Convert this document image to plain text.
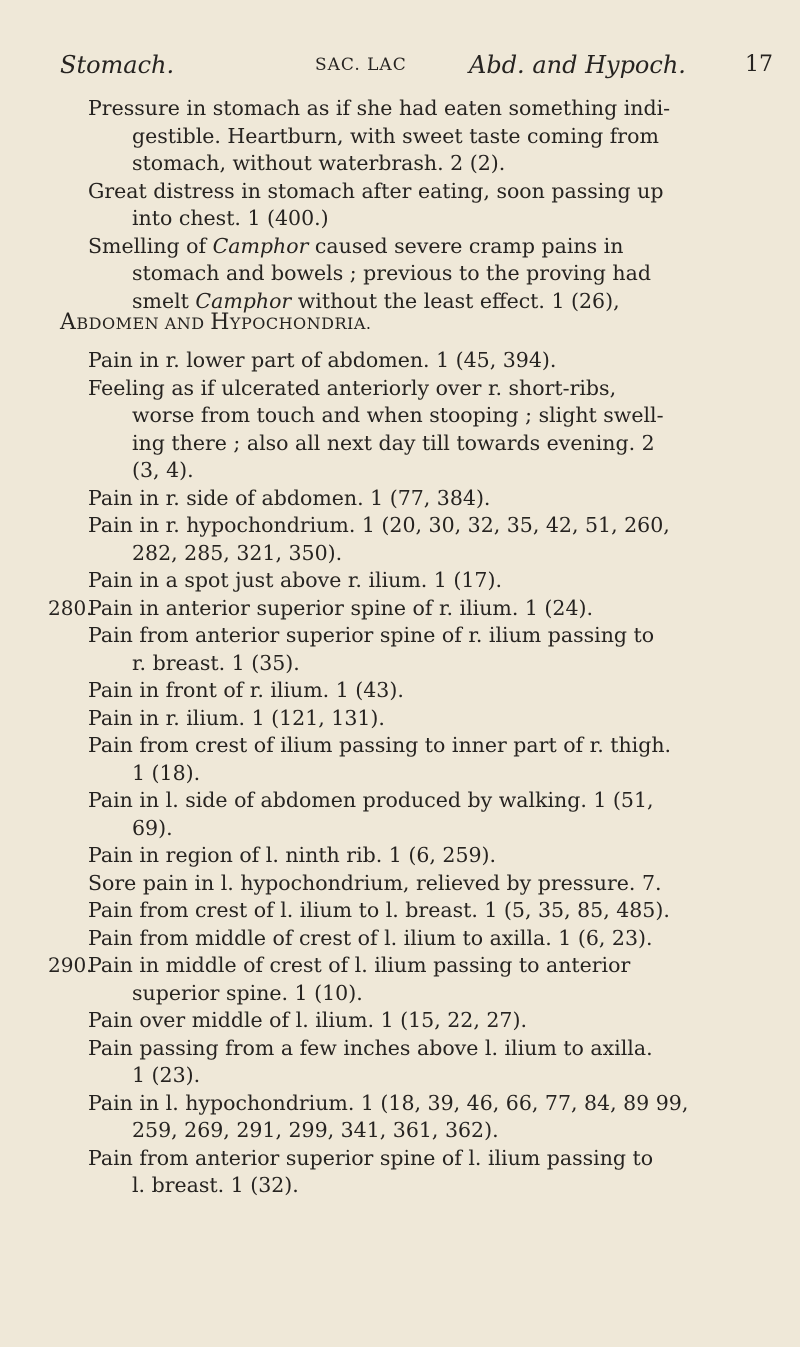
Stomach.	SAC. LAC	Abd. and Hypoch.	17
Pressure in stomach as if she had eaten something indi-
gestible. Heartburn, with sweet taste coming from
stomach, without waterbrash. 2 (2).
Great distress in stomach after eating, soon passing up
into chest. 1 (400.)
Smelling of Camphor caused severe cramp pains in
stomach and bowels ; previous to the proving had
smelt Camphor without the least effect. 1 (26),
ABDOMEN AND HYPOCHONDRIA.
Pain in r. lower part of abdomen. 1 (45, 394).
Feeling as if ulcerated anteriorly over r. short-ribs,
worse from touch and when stooping ; slight swell-
ing there ; also all next day till towards evening. 2
(3, 4).
Pain in r. side of abdomen. 1 (77, 384).
Pain in r. hypochondrium. 1 (20, 30, 32, 35, 42, 51, 260,
282, 285, 321, 350).
Pain in a spot just above r. ilium. 1 (17).
280.
Pain in anterior superior spine of r. ilium. 1 (24).
Pain from anterior superior spine of r. ilium passing to
r. breast. 1 (35).
Pain in front of r. ilium. 1 (43).
Pain in r. ilium. 1 (121, 131).
Pain from crest of ilium passing to inner part of r. thigh.
1 (18).
Pain in l. side of abdomen produced by walking. 1 (51,
69).
Pain in region of l. ninth rib. 1 (6, 259).
Sore pain in l. hypochondrium, relieved by pressure. 7.
Pain from crest of l. ilium to l. breast. 1 (5, 35, 85, 485).
Pain from middle of crest of l. ilium to axilla. 1 (6, 23).
290.
Pain in middle of crest of l. ilium passing to anterior
superior spine. 1 (10).
Pain over middle of l. ilium. 1 (15, 22, 27).
Pain passing from a few inches above l. ilium to axilla.
1 (23).
Pain in l. hypochondrium. 1 (18, 39, 46, 66, 77, 84, 89 99,
259, 269, 291, 299, 341, 361, 362).
Pain from anterior superior spine of l. ilium passing to
l. breast. 1 (32).
